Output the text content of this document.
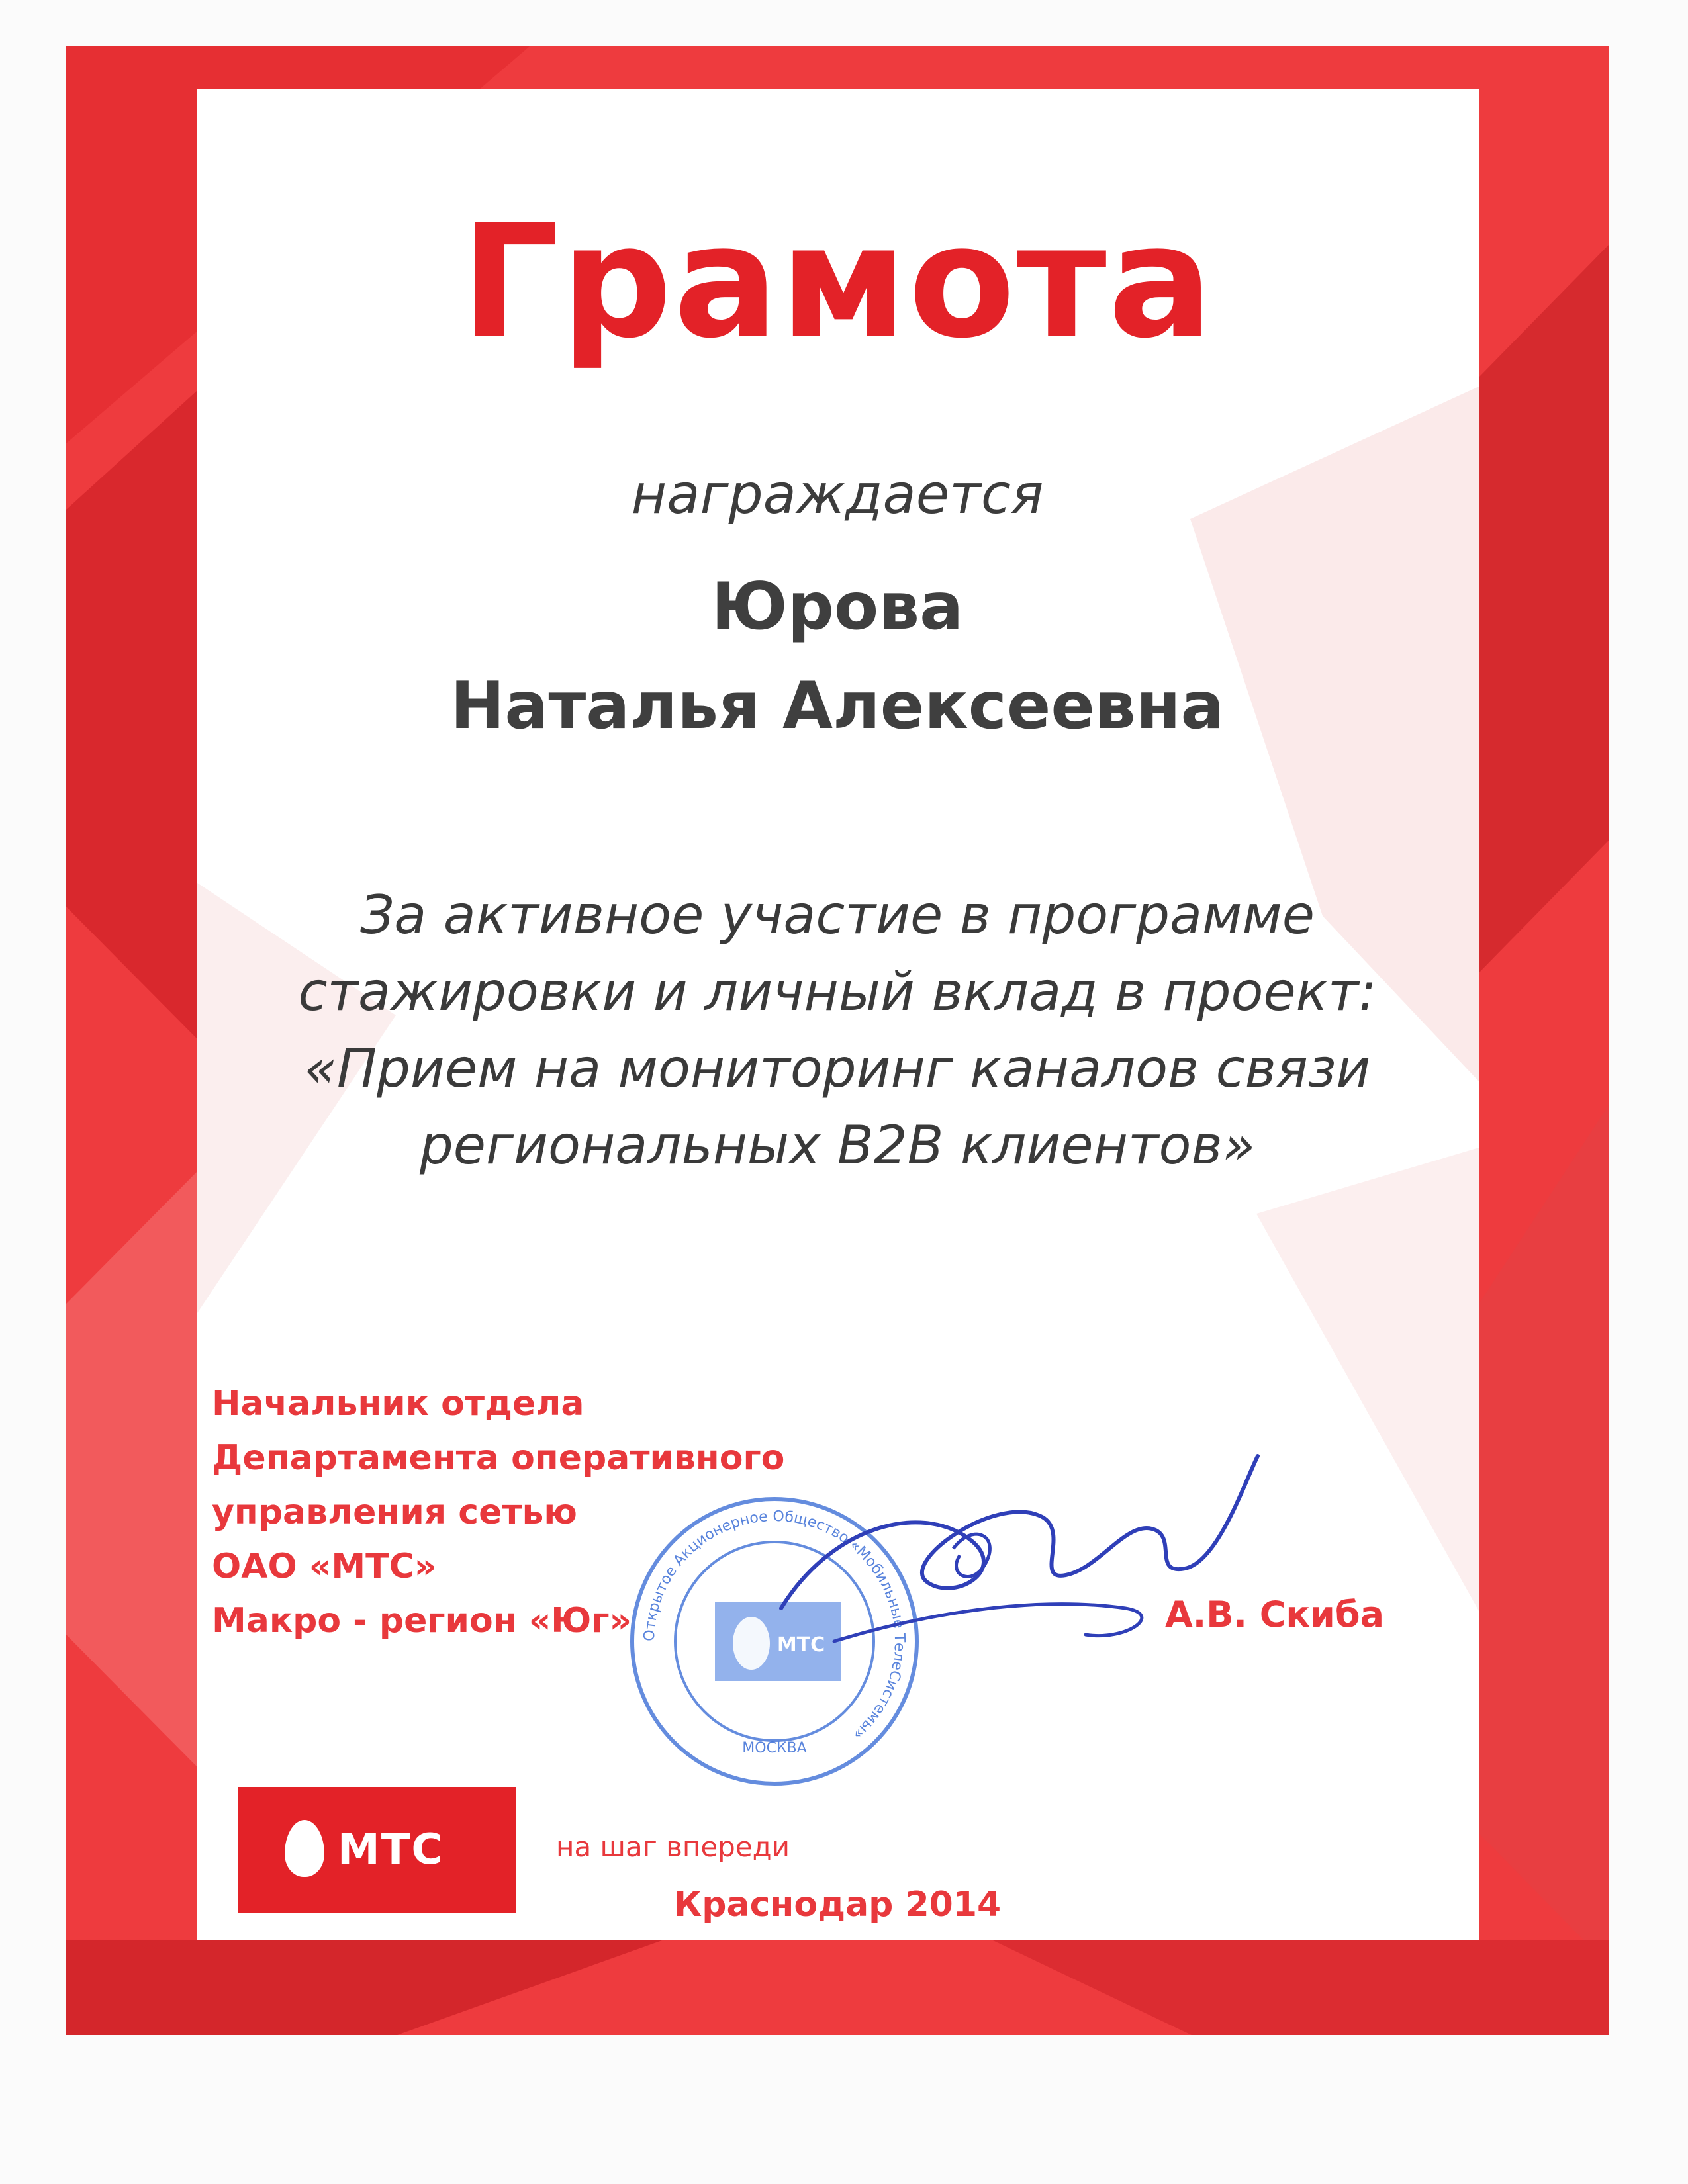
Грамота
награждается
Юрова
Наталья Алексеевна
За активное участие в программе
стажировки и личный вклад в проект:
«Прием на мониторинг каналов связи
региональных В2В клиентов»
Начальник отдела
Департамента оперативного
управления сетью
ОАО «МТС»
Макро - регион «Юг» Открытое Акционерное Общество «Мобильные ТелеСистемы»
МОСКВА
МТС
А.В. Скиба
МТС	на шаг впереди
Краснодар 2014
